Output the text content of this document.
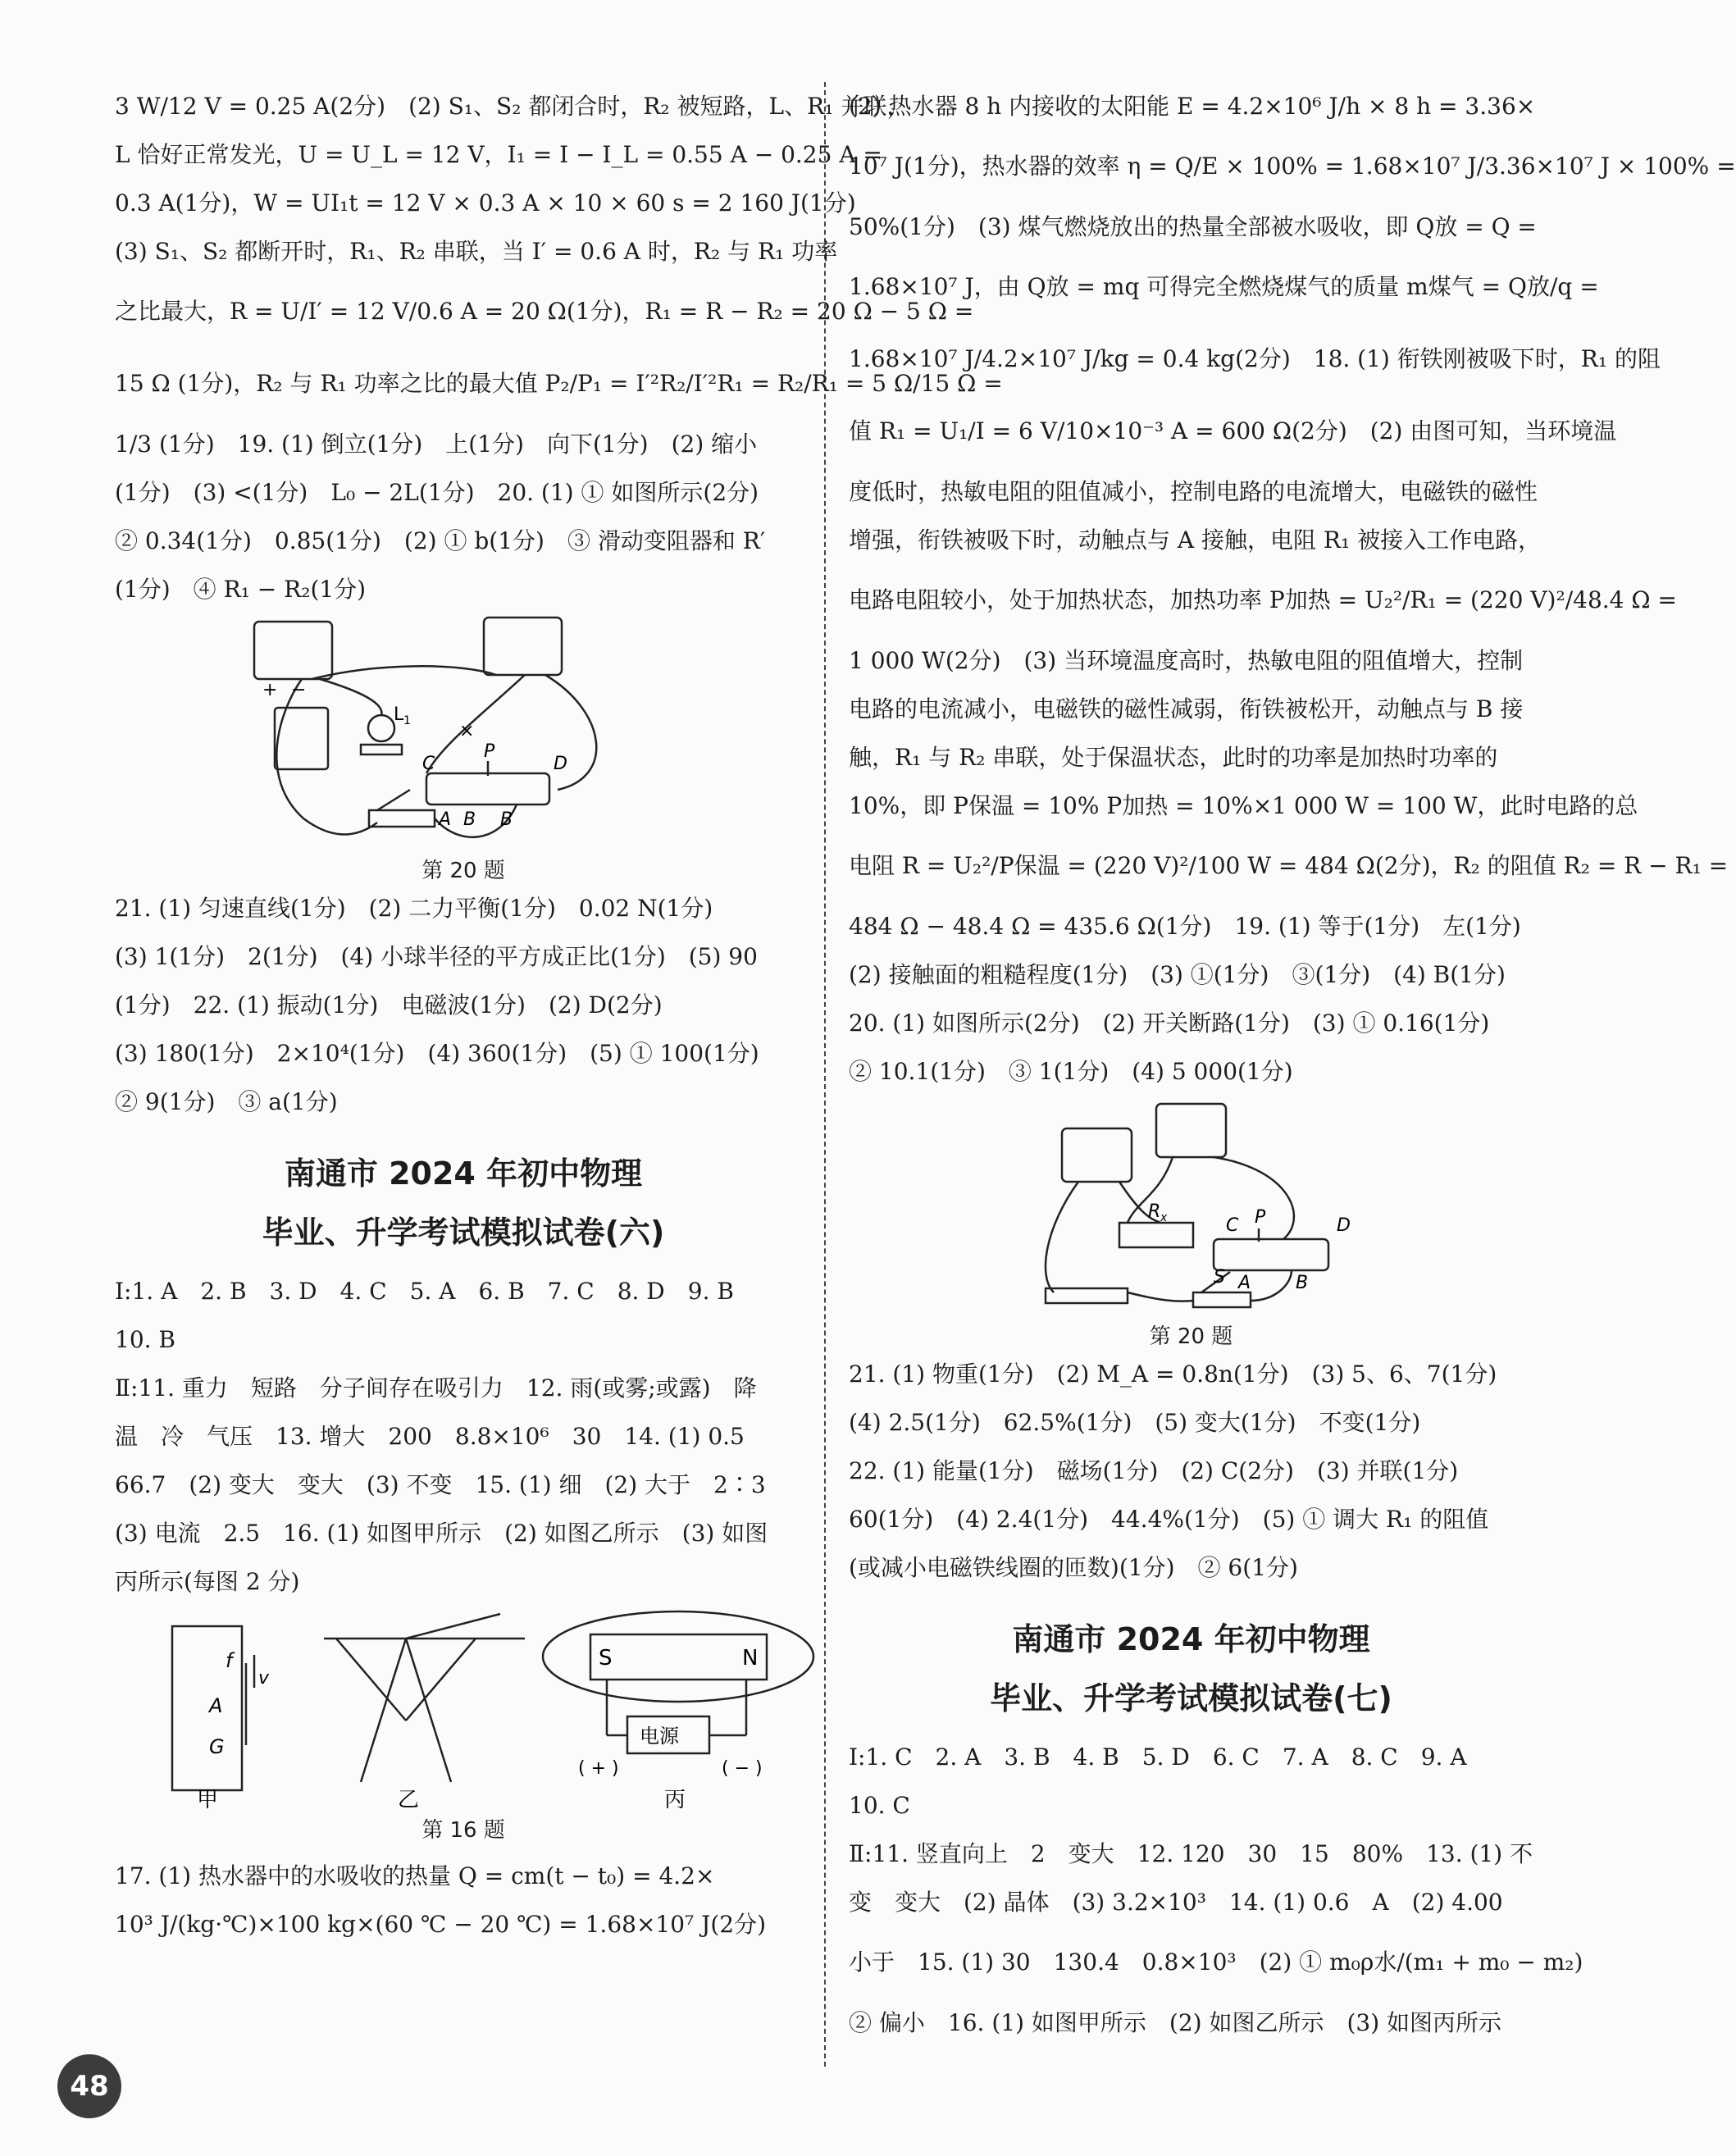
3 W/12 V = 0.25 A(2分)　(2) S₁、S₂ 都闭合时，R₂ 被短路，L、R₁ 并联，
L 恰好正常发光，U = U_L = 12 V，I₁ = I − I_L = 0.55 A − 0.25 A =
0.3 A(1分)，W = UI₁t = 12 V × 0.3 A × 10 × 60 s = 2 160 J(1分)
(3) S₁、S₂ 都断开时，R₁、R₂ 串联，当 I′ = 0.6 A 时，R₂ 与 R₁ 功率
之比最大，R = U/I′ = 12 V/0.6 A = 20 Ω(1分)，R₁ = R − R₂ = 20 Ω − 5 Ω =
15 Ω (1分)，R₂ 与 R₁ 功率之比的最大值 P₂/P₁ = I′²R₂/I′²R₁ = R₂/R₁ = 5 Ω/15 Ω =
1/3 (1分)　19. (1) 倒立(1分)　上(1分)　向下(1分)　(2) 缩小
(1分)　(3) <(1分)　L₀ − 2L(1分)　20. (1) ① 如图所示(2分)
② 0.34(1分)　0.85(1分)　(2) ① b(1分)　③ 滑动变阻器和 R′
(1分)　④ R₁ − R₂(1分)
+ −
L 1	×
C
P
D
A B B
第 20 题
21. (1) 匀速直线(1分)　(2) 二力平衡(1分)　0.02 N(1分)
(3) 1(1分)　2(1分)　(4) 小球半径的平方成正比(1分)　(5) 90
(1分)　22. (1) 振动(1分)　电磁波(1分)　(2) D(2分)
(3) 180(1分)　2×10⁴(1分)　(4) 360(1分)　(5) ① 100(1分)
② 9(1分)　③ a(1分)
南通市 2024 年初中物理
毕业、升学考试模拟试卷(六)
Ⅰ:1. A　2. B　3. D　4. C　5. A　6. B　7. C　8. D　9. B
10. B
Ⅱ:11. 重力　短路　分子间存在吸引力　12. 雨(或雾;或露)　降
温　冷　气压　13. 增大　200　8.8×10⁶　30　14. (1) 0.5
66.7　(2) 变大　变大　(3) 不变　15. (1) 细　(2) 大于　2∶3
(3) 电流　2.5　16. (1) 如图甲所示　(2) 如图乙所示　(3) 如图
丙所示(每图 2 分)
f
A
G
v
S	N
电源
( + )	( − )
甲	乙	丙
第 16 题
17. (1) 热水器中的水吸收的热量 Q = cm(t − t₀) = 4.2×
10³ J/(kg·℃)×100 kg×(60 ℃ − 20 ℃) = 1.68×10⁷ J(2分)
(2) 热水器 8 h 内接收的太阳能 E = 4.2×10⁶ J/h × 8 h = 3.36×
10⁷ J(1分)，热水器的效率 η = Q/E × 100% = 1.68×10⁷ J/3.36×10⁷ J × 100% =
50%(1分)　(3) 煤气燃烧放出的热量全部被水吸收，即 Q放 = Q =
1.68×10⁷ J，由 Q放 = mq 可得完全燃烧煤气的质量 m煤气 = Q放/q =
1.68×10⁷ J/4.2×10⁷ J/kg = 0.4 kg(2分)　18. (1) 衔铁刚被吸下时，R₁ 的阻
值 R₁ = U₁/I = 6 V/10×10⁻³ A = 600 Ω(2分)　(2) 由图可知，当环境温
度低时，热敏电阻的阻值减小，控制电路的电流增大，电磁铁的磁性
增强，衔铁被吸下时，动触点与 A 接触，电阻 R₁ 被接入工作电路，
电路电阻较小，处于加热状态，加热功率 P加热 = U₂²/R₁ = (220 V)²/48.4 Ω =
1 000 W(2分)　(3) 当环境温度高时，热敏电阻的阻值增大，控制
电路的电流减小，电磁铁的磁性减弱，衔铁被松开，动触点与 B 接
触，R₁ 与 R₂ 串联，处于保温状态，此时的功率是加热时功率的
10%，即 P保温 = 10% P加热 = 10%×1 000 W = 100 W，此时电路的总
电阻 R = U₂²/P保温 = (220 V)²/100 W = 484 Ω(2分)，R₂ 的阻值 R₂ = R − R₁ =
484 Ω − 48.4 Ω = 435.6 Ω(1分)　19. (1) 等于(1分)　左(1分)
(2) 接触面的粗糙程度(1分)　(3) ①(1分)　③(1分)　(4) B(1分)
20. (1) 如图所示(2分)　(2) 开关断路(1分)　(3) ① 0.16(1分)
② 10.1(1分)　③ 1(1分)　(4) 5 000(1分)
R x	C P	D
A B
S
第 20 题
21. (1) 物重(1分)　(2) M_A = 0.8n(1分)　(3) 5、6、7(1分)
(4) 2.5(1分)　62.5%(1分)　(5) 变大(1分)　不变(1分)
22. (1) 能量(1分)　磁场(1分)　(2) C(2分)　(3) 并联(1分)
60(1分)　(4) 2.4(1分)　44.4%(1分)　(5) ① 调大 R₁ 的阻值
(或减小电磁铁线圈的匝数)(1分)　② 6(1分)
南通市 2024 年初中物理
毕业、升学考试模拟试卷(七)
Ⅰ:1. C　2. A　3. B　4. B　5. D　6. C　7. A　8. C　9. A
10. C
Ⅱ:11. 竖直向上　2　变大　12. 120　30　15　80%　13. (1) 不
变　变大　(2) 晶体　(3) 3.2×10³　14. (1) 0.6　A　(2) 4.00
小于　15. (1) 30　130.4　0.8×10³　(2) ① m₀ρ水/(m₁ + m₀ − m₂)
② 偏小　16. (1) 如图甲所示　(2) 如图乙所示　(3) 如图丙所示
48
